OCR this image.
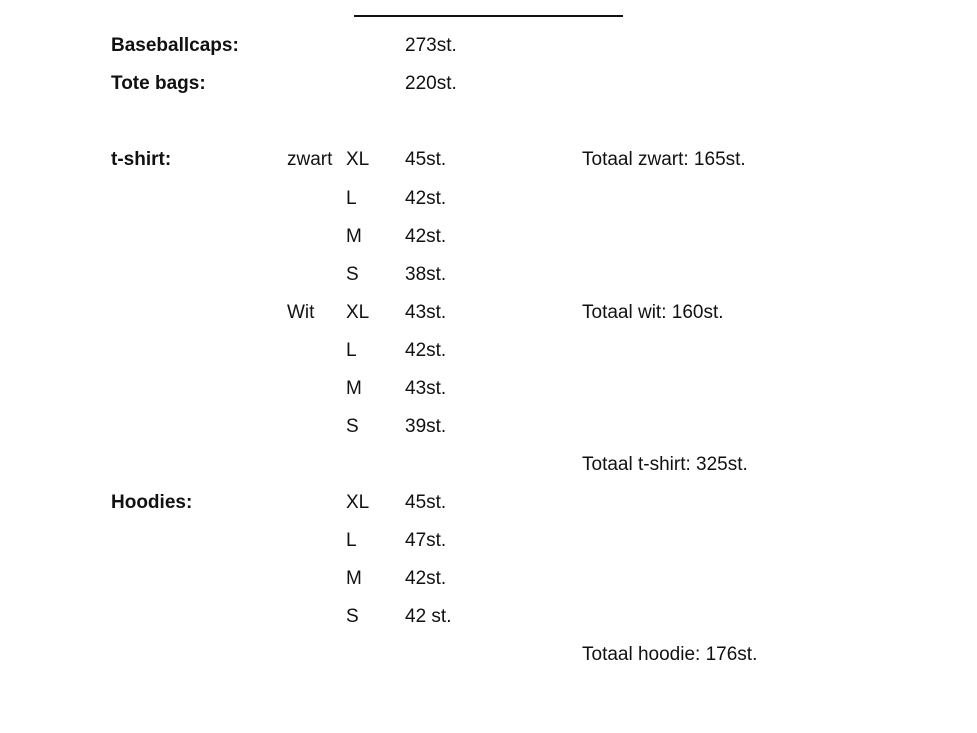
Baseballcaps:	273st.
Tote bags:	220st.
t-shirt:	zwart XL 45st.	Totaal zwart: 165st.
L	42st.
M 42st.
S 38st.
Wit XL 43st.	Totaal wit: 160st.
L	42st.
M 43st.
S 39st.
Totaal t-shirt: 325st.
Hoodies:	XL 45st.
L	47st.
M 42st.
S 42 st.
Totaal hoodie: 176st.
